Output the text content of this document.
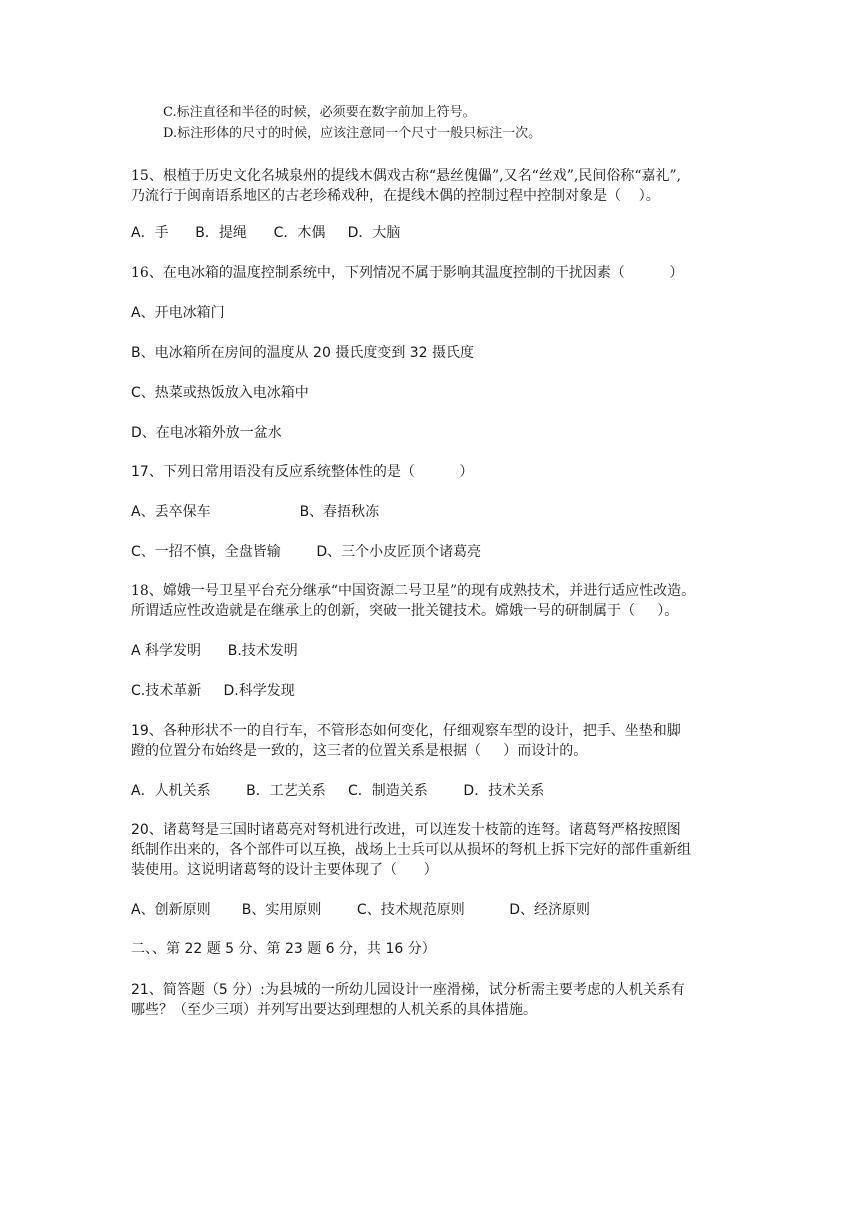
C.标注直径和半径的时候，必须要在数字前加上符号。
D.标注形体的尺寸的时候，应该注意同一个尺寸一般只标注一次。
15、根植于历史文化名城泉州的提线木偶戏古称“悬丝傀儡”,又名“丝戏”,民间俗称“嘉礼”,
乃流行于闽南语系地区的古老珍稀戏种，在提线木偶的控制过程中控制对象是（    ）。
A．手      B．提绳      C．木偶     D．大脑
16、在电冰箱的温度控制系统中，下列情况不属于影响其温度控制的干扰因素（          ）
A、开电冰箱门
B、电冰箱所在房间的温度从 20 摄氏度变到 32 摄氏度
C、热菜或热饭放入电冰箱中
D、在电冰箱外放一盆水
17、下列日常用语没有反应系统整体性的是（          ）
A、丢卒保车                    B、春捂秋冻
C、一招不慎，全盘皆输        D、三个小皮匠顶个诸葛亮
18、嫦娥一号卫星平台充分继承“中国资源二号卫星”的现有成熟技术，并进行适应性改造。
所谓适应性改造就是在继承上的创新，突破一批关键技术。嫦娥一号的研制属于（     ）。
A 科学发明      B.技术发明
C.技术革新     D.科学发现
19、各种形状不一的自行车，不管形态如何变化，仔细观察车型的设计，把手、坐垫和脚
蹬的位置分布始终是一致的，这三者的位置关系是根据（     ）而设计的。
A．人机关系        B．工艺关系     C．制造关系        D．技术关系
20、诸葛弩是三国时诸葛亮对弩机进行改进，可以连发十枝箭的连弩。诸葛弩严格按照图
纸制作出来的，各个部件可以互换，战场上士兵可以从损坏的弩机上拆下完好的部件重新组
装使用。这说明诸葛弩的设计主要体现了（      ）
A、创新原则       B、实用原则        C、技术规范原则          D、经济原则
二、、第 22 题 5 分、第 23 题 6 分，共 16 分）
21、简答题（5 分）:为县城的一所幼儿园设计一座滑梯，试分析需主要考虑的人机关系有
哪些？（至少三项）并列写出要达到理想的人机关系的具体措施。
